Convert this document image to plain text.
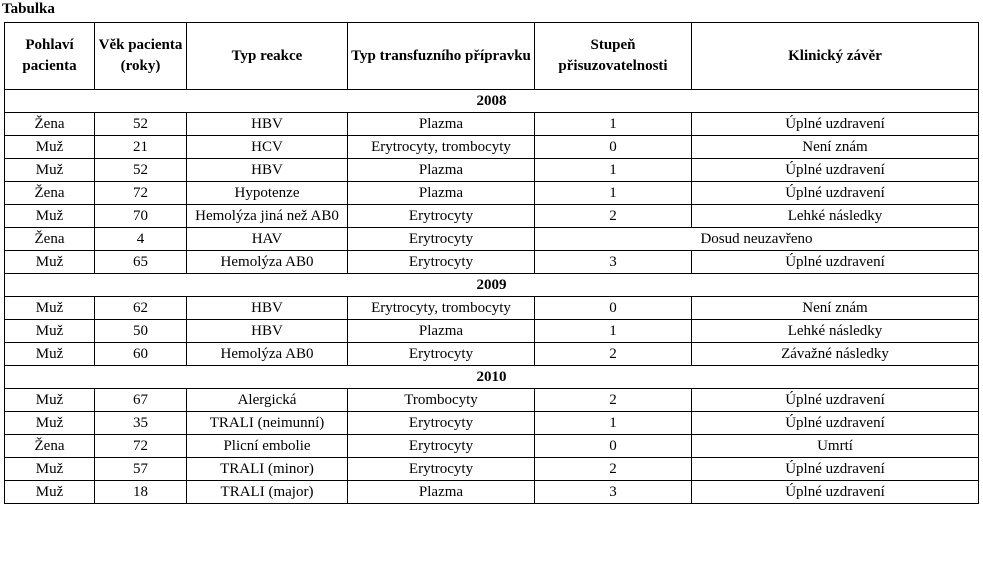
Tabulka
Pohlaví pacienta	Věk pacienta (roky)	Typ reakce	Typ transfuzního přípravku	Stupeň přisuzovatelnosti	Klinický závěr
2008					
Žena	52	HBV	Plazma	1	Úplné uzdravení
Muž	21	HCV	Erytrocyty, trombocyty	0	Není znám
Muž	52	HBV	Plazma	1	Úplné uzdravení
Žena	72	Hypotenze	Plazma	1	Úplné uzdravení
Muž	70	Hemolýza jiná než AB0	Erytrocyty	2	Lehké následky
Žena	4	HAV	Erytrocyty	Dosud neuzavřeno	
Muž	65	Hemolýza AB0	Erytrocyty	3	Úplné uzdravení
2009					
Muž	62	HBV	Erytrocyty, trombocyty	0	Není znám
Muž	50	HBV	Plazma	1	Lehké následky
Muž	60	Hemolýza AB0	Erytrocyty	2	Závažné následky
2010					
Muž	67	Alergická	Trombocyty	2	Úplné uzdravení
Muž	35	TRALI (neimunní)	Erytrocyty	1	Úplné uzdravení
Žena	72	Plicní embolie	Erytrocyty	0	Umrtí
Muž	57	TRALI (minor)	Erytrocyty	2	Úplné uzdravení
Muž	18	TRALI (major)	Plazma	3	Úplné uzdravení
